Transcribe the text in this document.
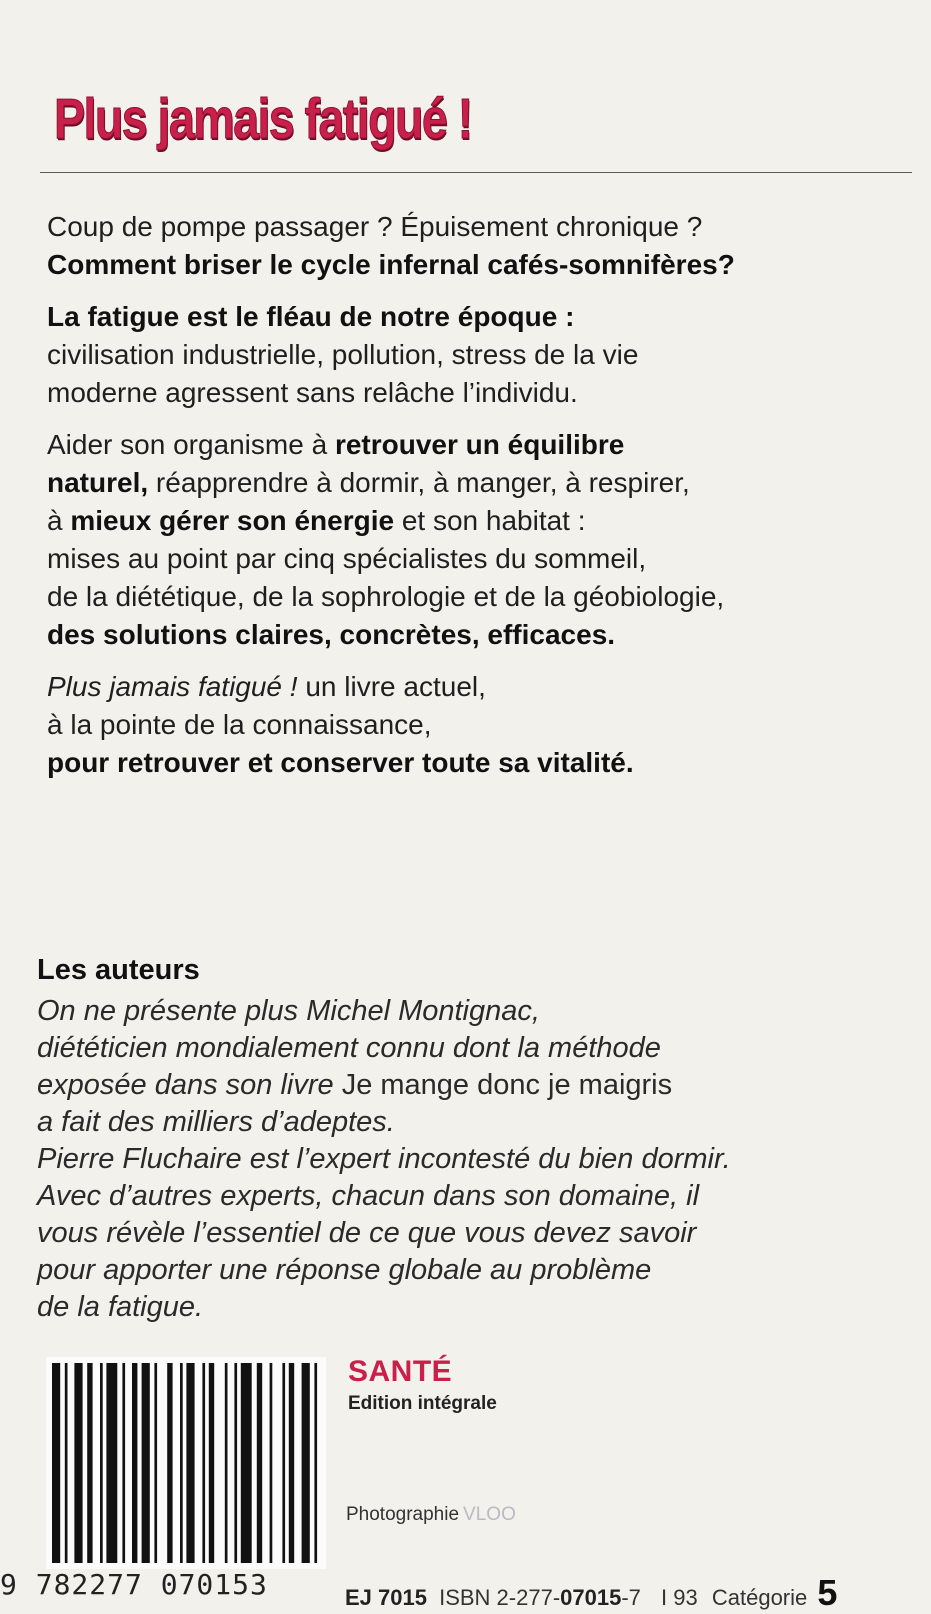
Plus jamais fatigué !

Coup de pompe passager ? Épuisement chronique ?
Comment briser le cycle infernal cafés-somnifères?

La fatigue est le fléau de notre époque :
civilisation industrielle, pollution, stress de la vie
moderne agressent sans relâche l’individu.

Aider son organisme à retrouver un équilibre
naturel, réapprendre à dormir, à manger, à respirer,
à mieux gérer son énergie et son habitat :
mises au point par cinq spécialistes du sommeil,
de la diététique, de la sophrologie et de la géobiologie,
des solutions claires, concrètes, efficaces.

Plus jamais fatigué ! un livre actuel,
à la pointe de la connaissance,
pour retrouver et conserver toute sa vitalité.

Les auteurs
On ne présente plus Michel Montignac,
diététicien mondialement connu dont la méthode
exposée dans son livre Je mange donc je maigris
a fait des milliers d’adeptes.
Pierre Fluchaire est l’expert incontesté du bien dormir.
Avec d’autres experts, chacun dans son domaine, il
vous révèle l’essentiel de ce que vous devez savoir
pour apporter une réponse globale au problème
de la fatigue.
9 782277 070153
SANTÉ
Edition intégrale
Photographie VLOO
EJ 7015 ISBN 2-277-07015-7 I 93 Catégorie 5
